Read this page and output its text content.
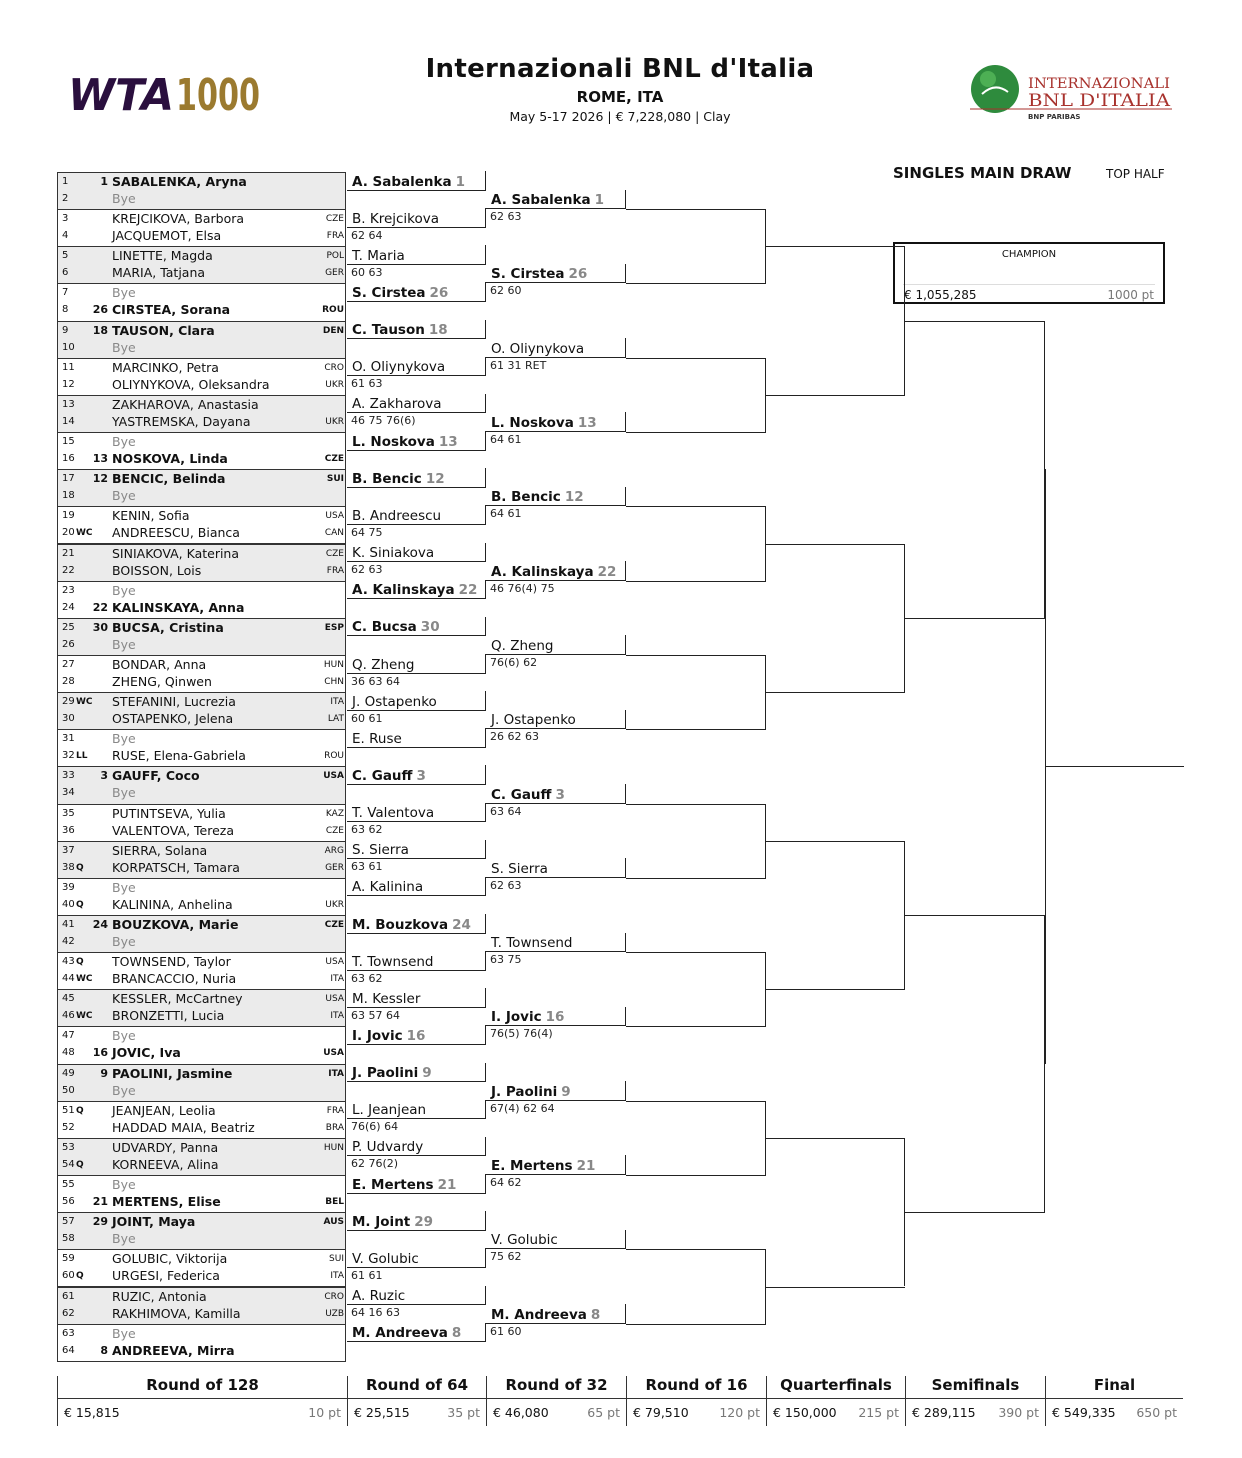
WTA 1000
Internazionali BNL d'Italia
ROME, ITA
May 5-17 2026 | € 7,228,080 | Clay
INTERNAZIONALI
BNL D'ITALIA
BNP PARIBAS
SINGLES MAIN DRAW	TOP HALF
CHAMPION
€ 1,055,285	1000 pt
1	1 SABALENKA, Aryna
2	Bye
3	KREJCIKOVA, Barbora	CZE
4	JACQUEMOT, Elsa	FRA
5	LINETTE, Magda	POL
6	MARIA, Tatjana	GER
7	Bye
8	26 CIRSTEA, Sorana	ROU
9	18 TAUSON, Clara	DEN
10	Bye
11	MARCINKO, Petra	CRO
12	OLIYNYKOVA, Oleksandra	UKR
13	ZAKHAROVA, Anastasia
14	YASTREMSKA, Dayana	UKR
15	Bye
16	13 NOSKOVA, Linda	CZE
17	12 BENCIC, Belinda	SUI
18	Bye
19	KENIN, Sofia	USA
20 WC ANDREESCU, Bianca	CAN
21	SINIAKOVA, Katerina	CZE
22	BOISSON, Lois	FRA
23	Bye
24	22 KALINSKAYA, Anna
25	30 BUCSA, Cristina	ESP
26	Bye
27	BONDAR, Anna	HUN
28	ZHENG, Qinwen	CHN
29 WC STEFANINI, Lucrezia	ITA
30	OSTAPENKO, Jelena	LAT
31	Bye
32 LL RUSE, Elena-Gabriela	ROU
33	3 GAUFF, Coco	USA
34	Bye
35	PUTINTSEVA, Yulia	KAZ
36	VALENTOVA, Tereza	CZE
37	SIERRA, Solana	ARG
38 Q KORPATSCH, Tamara	GER
39	Bye
40 Q KALININA, Anhelina	UKR
41	24 BOUZKOVA, Marie	CZE
42	Bye
43 Q TOWNSEND, Taylor	USA
44 WC BRANCACCIO, Nuria	ITA
45	KESSLER, McCartney	USA
46 WC BRONZETTI, Lucia	ITA
47	Bye
48	16 JOVIC, Iva	USA
49	9 PAOLINI, Jasmine	ITA
50	Bye
51 Q JEANJEAN, Leolia	FRA
52	HADDAD MAIA, Beatriz	BRA
53	UDVARDY, Panna	HUN
54 Q KORNEEVA, Alina
55	Bye
56	21 MERTENS, Elise	BEL
57	29 JOINT, Maya	AUS
58	Bye
59	GOLUBIC, Viktorija	SUI
60 Q URGESI, Federica	ITA
61	RUZIC, Antonia	CRO
62	RAKHIMOVA, Kamilla	UZB
63	Bye
64	8 ANDREEVA, Mirra
A. Sabalenka 1
B. Krejcikova
62 64
T. Maria
60 63
S. Cirstea 26
C. Tauson 18
O. Oliynykova
61 63
A. Zakharova
46 75 76(6)
L. Noskova 13
B. Bencic 12
B. Andreescu
64 75
K. Siniakova
62 63
A. Kalinskaya 22
C. Bucsa 30
Q. Zheng
36 63 64
J. Ostapenko
60 61
E. Ruse
C. Gauff 3
T. Valentova
63 62
S. Sierra
63 61
A. Kalinina
M. Bouzkova 24
T. Townsend
63 62
M. Kessler
63 57 64
I. Jovic 16
J. Paolini 9
L. Jeanjean
76(6) 64
P. Udvardy
62 76(2)
E. Mertens 21
M. Joint 29
V. Golubic
61 61
A. Ruzic
64 16 63
M. Andreeva 8
A. Sabalenka 1
62 63
S. Cirstea 26
62 60
O. Oliynykova
61 31 RET
L. Noskova 13
64 61
B. Bencic 12
64 61
A. Kalinskaya 22
46 76(4) 75
Q. Zheng
76(6) 62
J. Ostapenko
26 62 63
C. Gauff 3
63 64
S. Sierra
62 63
T. Townsend
63 75
I. Jovic 16
76(5) 76(4)
J. Paolini 9
67(4) 62 64
E. Mertens 21
64 62
V. Golubic
75 62
M. Andreeva 8
61 60
Round of 128
€ 15,815	10 pt
Round of 64
€ 25,515	35 pt
Round of 32
€ 46,080	65 pt
Round of 16
€ 79,510 120 pt
Quarterfinals
€ 150,000 215 pt
Semifinals
€ 289,115 390 pt
Final
€ 549,335 650 pt
